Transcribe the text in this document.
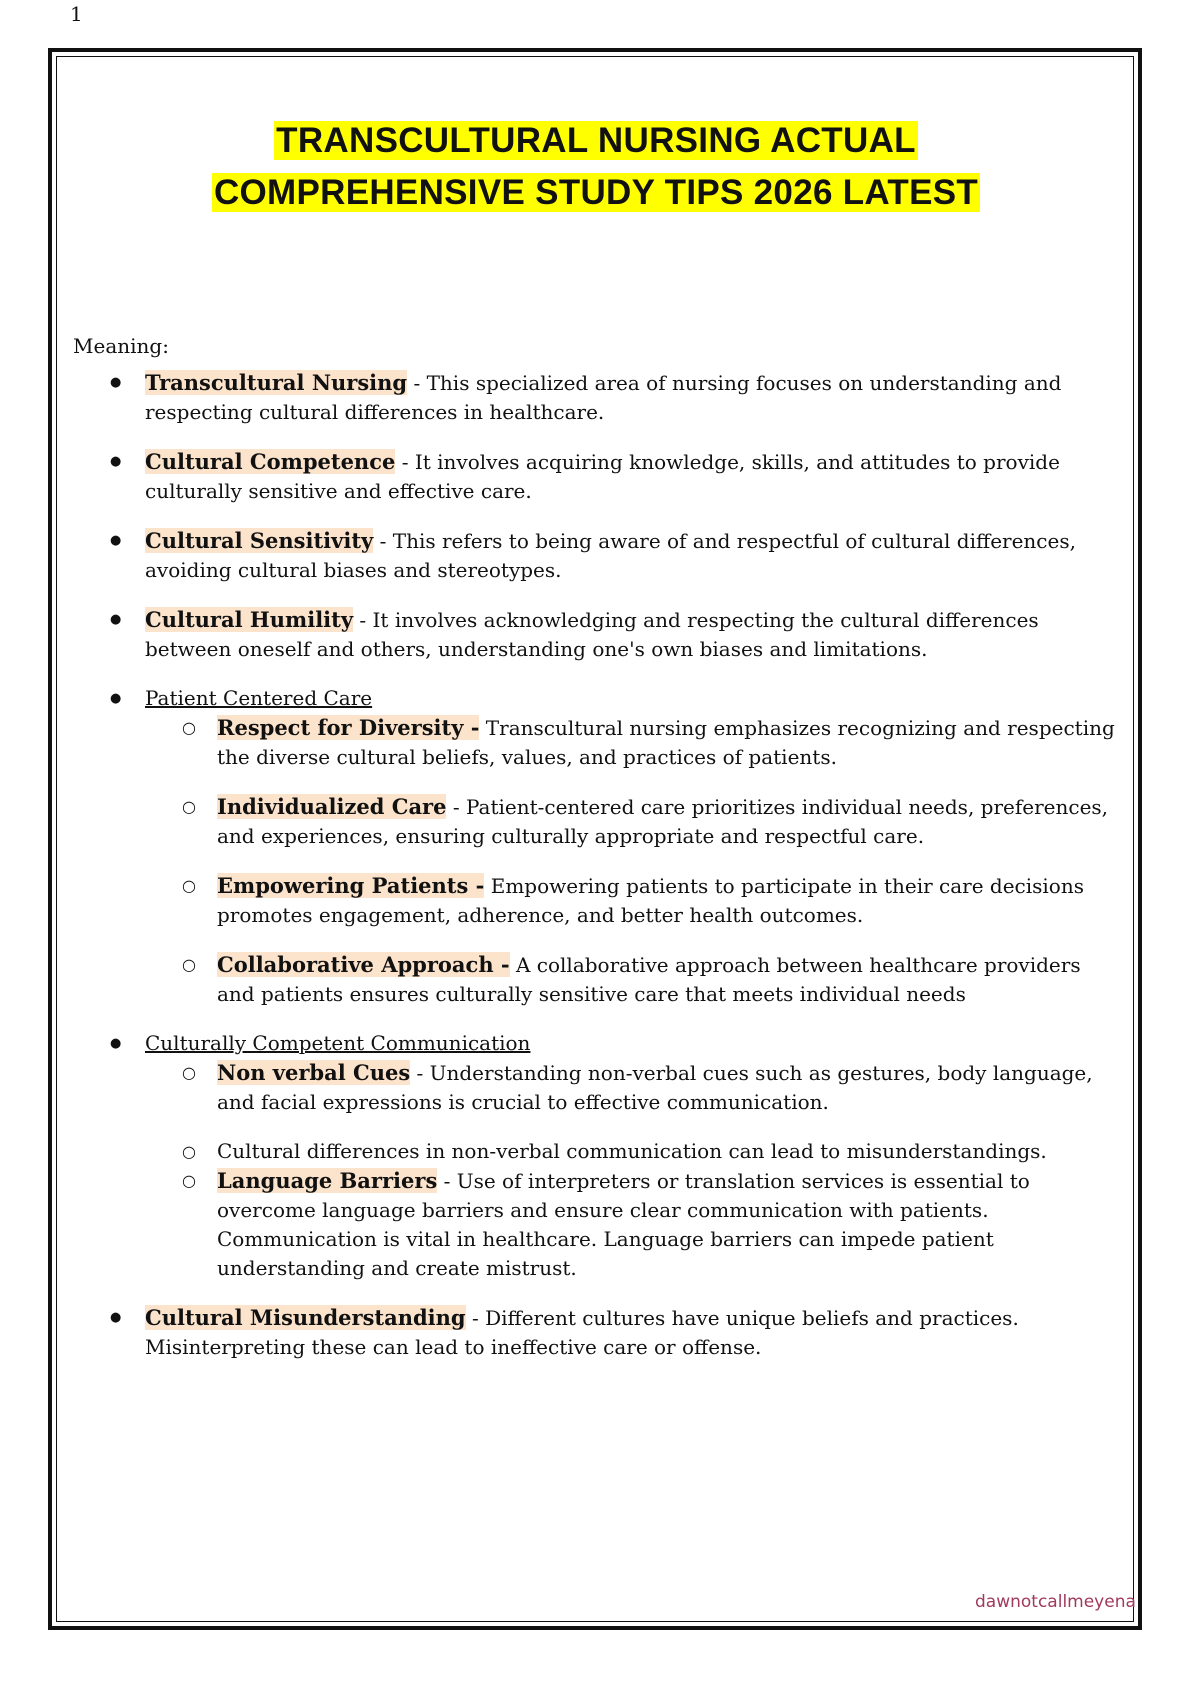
1
TRANSCULTURAL NURSING ACTUAL
COMPREHENSIVE STUDY TIPS 2026 LATEST
Meaning:
● Transcultural Nursing - This specialized area of nursing focuses on understanding and respecting cultural differences in healthcare.
● Cultural Competence - It involves acquiring knowledge, skills, and attitudes to provide culturally sensitive and effective care.
● Cultural Sensitivity - This refers to being aware of and respectful of cultural differences, avoiding cultural biases and stereotypes.
● Cultural Humility - It involves acknowledging and respecting the cultural differences between oneself and others, understanding one's own biases and limitations.
● Patient Centered Care
○ Respect for Diversity - Transcultural nursing emphasizes recognizing and respecting the diverse cultural beliefs, values, and practices of patients.
○ Individualized Care - Patient-centered care prioritizes individual needs, preferences, and experiences, ensuring culturally appropriate and respectful care.
○ Empowering Patients - Empowering patients to participate in their care decisions promotes engagement, adherence, and better health outcomes.
○ Collaborative Approach - A collaborative approach between healthcare providers and patients ensures culturally sensitive care that meets individual needs
● Culturally Competent Communication
○ Non verbal Cues - Understanding non-verbal cues such as gestures, body language, and facial expressions is crucial to effective communication.
○ Cultural differences in non-verbal communication can lead to misunderstandings.
○ Language Barriers - Use of interpreters or translation services is essential to overcome language barriers and ensure clear communication with patients. Communication is vital in healthcare. Language barriers can impede patient understanding and create mistrust.
● Cultural Misunderstanding - Different cultures have unique beliefs and practices. Misinterpreting these can lead to ineffective care or offense.
dawnotcallmeyena
